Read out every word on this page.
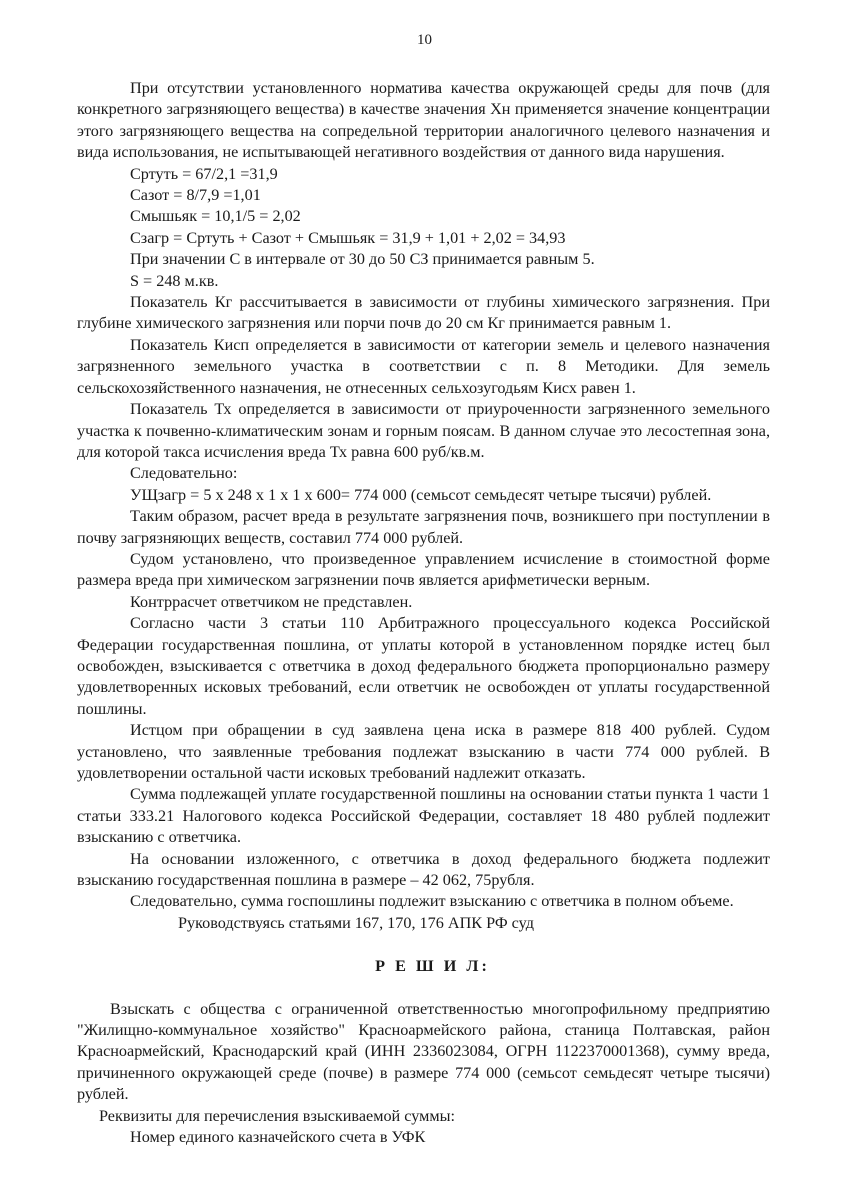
10

При отсутствии установленного норматива качества окружающей среды для почв (для конкретного загрязняющего вещества) в качестве значения Хн применяется значение концентрации этого загрязняющего вещества на сопредельной территории аналогичного целевого назначения и вида использования, не испытывающей негативного воздействия от данного вида нарушения.

Сртуть = 67/2,1 =31,9

Сазот = 8/7,9 =1,01

Смышьяк = 10,1/5 = 2,02

Сзагр = Сртуть + Сазот + Смышьяк = 31,9 + 1,01 + 2,02 = 34,93

При значении С в интервале от 30 до 50 СЗ принимается равным 5.

S = 248 м.кв.

Показатель Кг рассчитывается в зависимости от глубины химического загрязнения. При глубине химического загрязнения или порчи почв до 20 см Кг принимается равным 1.

Показатель Кисп определяется в зависимости от категории земель и целевого назначения загрязненного земельного участка в соответствии с п. 8 Методики. Для земель сельскохозяйственного назначения, не отнесенных сельхозугодьям Кисх равен 1.

Показатель Тх определяется в зависимости от приуроченности загрязненного земельного участка к почвенно-климатическим зонам и горным поясам. В данном случае это лесостепная зона, для которой такса исчисления вреда Тх равна 600 руб/кв.м.

Следовательно:

УЩзагр = 5 х 248 х 1 х 1 х 600= 774 000 (семьсот семьдесят четыре тысячи) рублей.

Таким образом, расчет вреда в результате загрязнения почв, возникшего при поступлении в почву загрязняющих веществ, составил 774 000 рублей.

Судом установлено, что произведенное управлением исчисление в стоимостной форме размера вреда при химическом загрязнении почв является арифметически верным.

Контррасчет ответчиком не представлен.

Согласно части 3 статьи 110 Арбитражного процессуального кодекса Российской Федерации государственная пошлина, от уплаты которой в установленном порядке истец был освобожден, взыскивается с ответчика в доход федерального бюджета пропорционально размеру удовлетворенных исковых требований, если ответчик не освобожден от уплаты государственной пошлины.

Истцом при обращении в суд заявлена цена иска в размере 818 400 рублей. Судом установлено, что заявленные требования подлежат взысканию в части 774 000 рублей. В удовлетворении остальной части исковых требований надлежит отказать.

Сумма подлежащей уплате государственной пошлины на основании статьи пункта 1 части 1 статьи 333.21 Налогового кодекса Российской Федерации, составляет 18 480 рублей подлежит взысканию с ответчика.

На основании изложенного, с ответчика в доход федерального бюджета подлежит взысканию государственная пошлина в размере – 42 062, 75рубля.

Следовательно, сумма госпошлины подлежит взысканию с ответчика в полном объеме.

Руководствуясь статьями 167, 170, 176 АПК РФ суд

Р Е Ш И Л:

Взыскать с общества с ограниченной ответственностью многопрофильному предприятию "Жилищно-коммунальное хозяйство" Красноармейского района, станица Полтавская, район Красноармейский, Краснодарский край (ИНН 2336023084, ОГРН 1122370001368), сумму вреда, причиненного окружающей среде (почве) в размере 774 000 (семьсот семьдесят четыре тысячи) рублей.

Реквизиты для перечисления взыскиваемой суммы:

Номер единого казначейского счета в УФК
